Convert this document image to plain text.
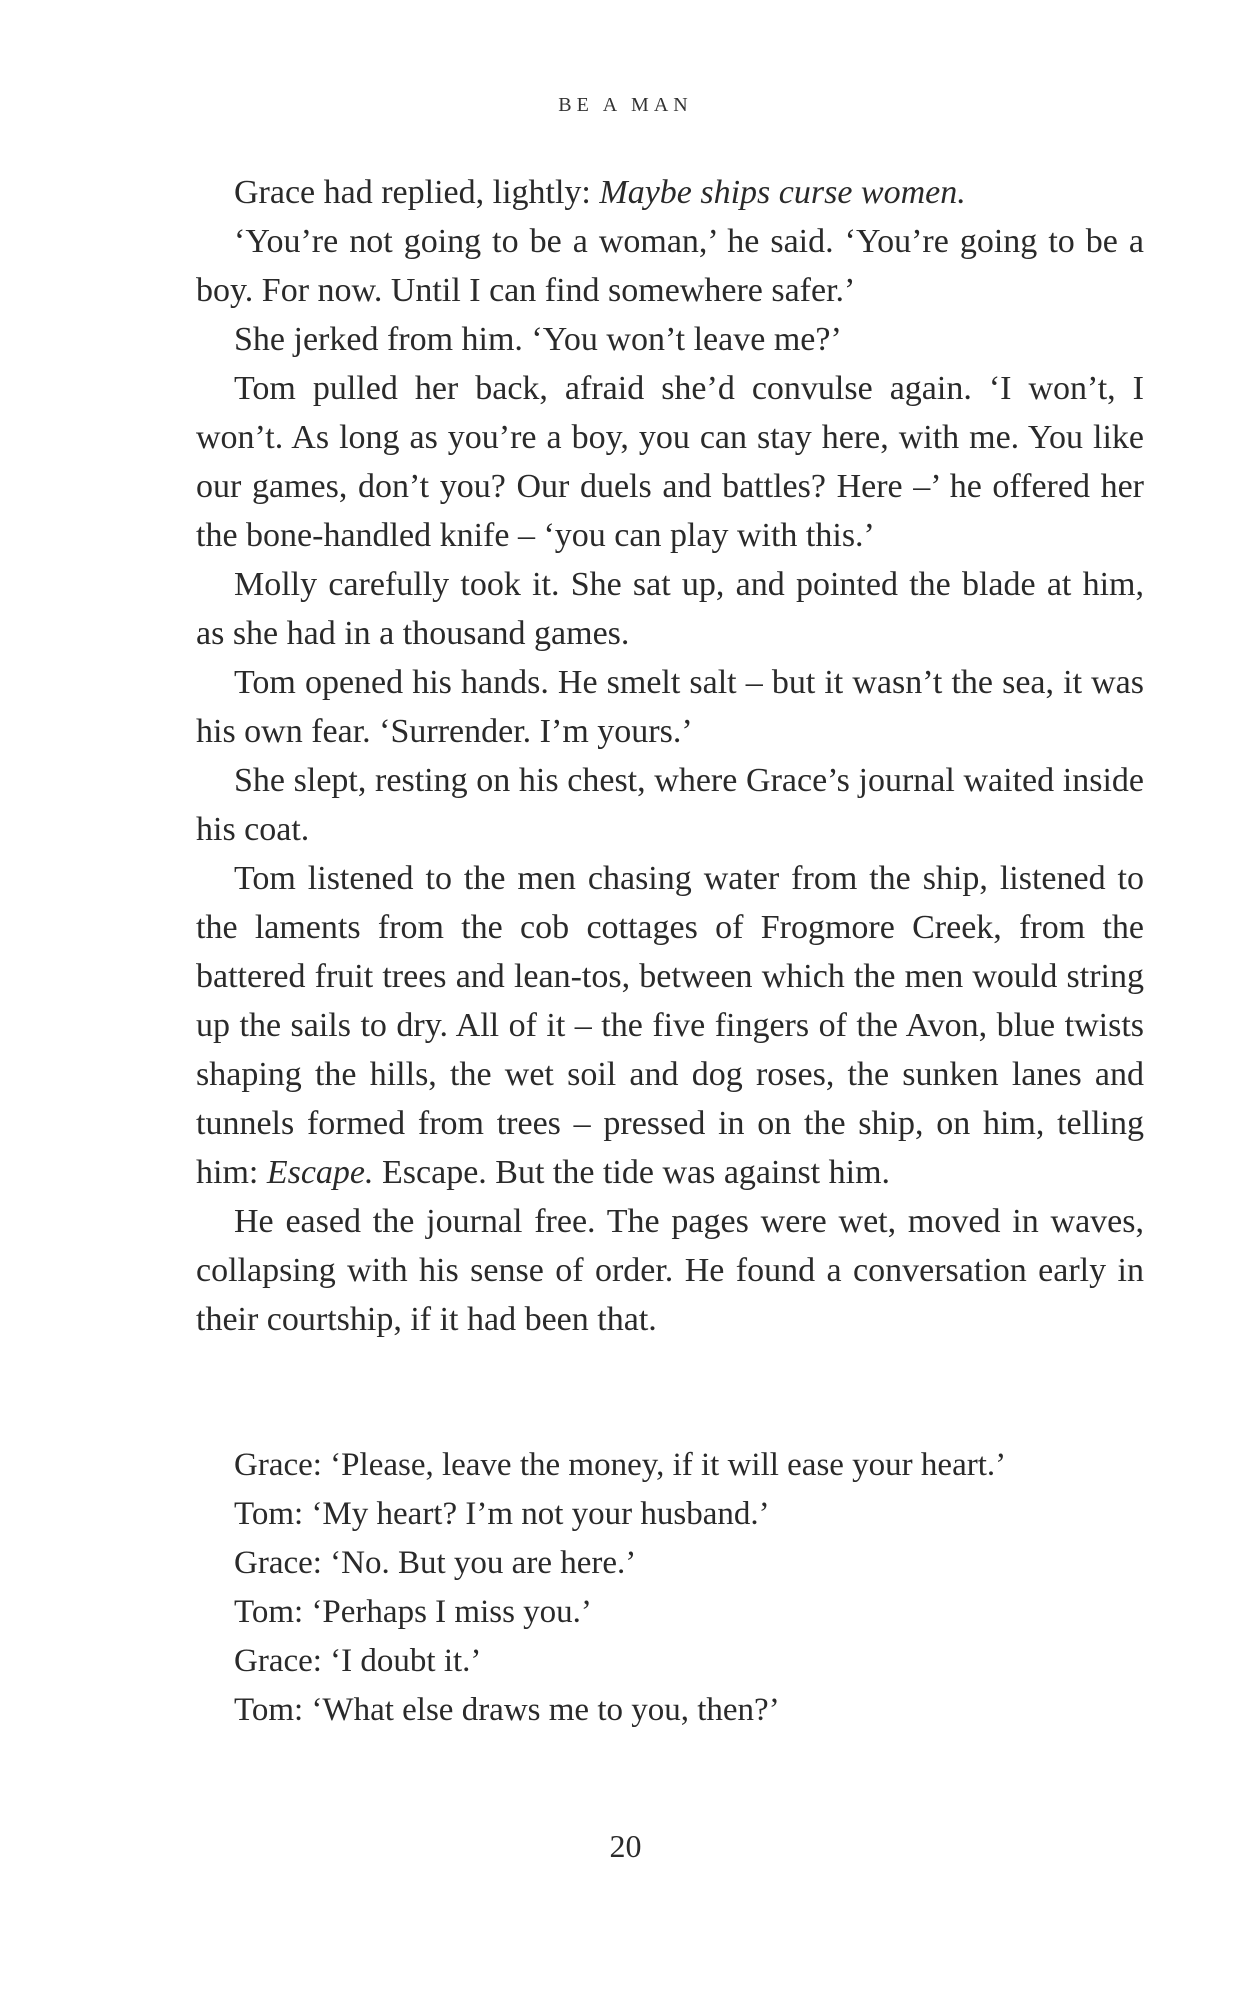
BE A MAN

Grace had replied, lightly: Maybe ships curse women.

‘You’re not going to be a woman,’ he said. ‘You’re going to be a boy. For now. Until I can find somewhere safer.’

She jerked from him. ‘You won’t leave me?’

Tom pulled her back, afraid she’d convulse again. ‘I won’t, I won’t. As long as you’re a boy, you can stay here, with me. You like our games, don’t you? Our duels and battles? Here –’ he offered her the bone-handled knife – ‘you can play with this.’

Molly carefully took it. She sat up, and pointed the blade at him, as she had in a thousand games.

Tom opened his hands. He smelt salt – but it wasn’t the sea, it was his own fear. ‘Surrender. I’m yours.’

She slept, resting on his chest, where Grace’s journal waited inside his coat.

Tom listened to the men chasing water from the ship, listened to the laments from the cob cottages of Frogmore Creek, from the battered fruit trees and lean-tos, between which the men would string up the sails to dry. All of it – the five fingers of the Avon, blue twists shaping the hills, the wet soil and dog roses, the sunken lanes and tunnels formed from trees – pressed in on the ship, on him, telling him: Escape. Escape. But the tide was against him.

He eased the journal free. The pages were wet, moved in waves, collapsing with his sense of order. He found a conversation early in their courtship, if it had been that.

Grace: ‘Please, leave the money, if it will ease your heart.’

Tom: ‘My heart? I’m not your husband.’

Grace: ‘No. But you are here.’

Tom: ‘Perhaps I miss you.’

Grace: ‘I doubt it.’

Tom: ‘What else draws me to you, then?’

20
